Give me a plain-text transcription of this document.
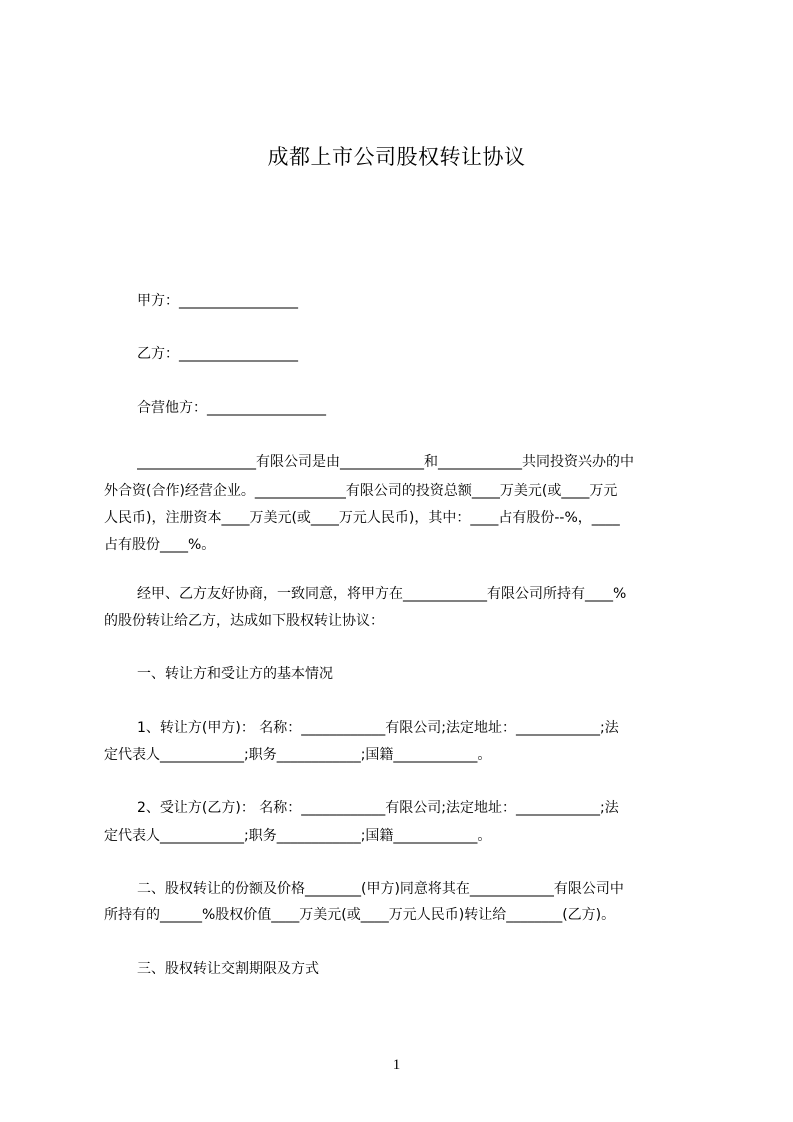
成都上市公司股权转让协议
甲方：_________________
乙方：_________________
合营他方：_________________
_________________有限公司是由____________和____________共同投资兴办的中
外合资(合作)经营企业。_____________有限公司的投资总额____万美元(或____万元
人民币)，注册资本____万美元(或____万元人民币)，其中：____占有股份--%，____
占有股份____%。
经甲、乙方友好协商，一致同意，将甲方在____________有限公司所持有____%
的股份转让给乙方，达成如下股权转让协议：
一、转让方和受让方的基本情况
1、转让方(甲方)： 名称：____________有限公司;法定地址：____________;法
定代表人____________;职务____________;国籍____________。
2、受让方(乙方)： 名称：____________有限公司;法定地址：____________;法
定代表人____________;职务____________;国籍____________。
二、股权转让的份额及价格________(甲方)同意将其在____________有限公司中
所持有的______%股权价值____万美元(或____万元人民币)转让给________(乙方)。
三、股权转让交割期限及方式
1
